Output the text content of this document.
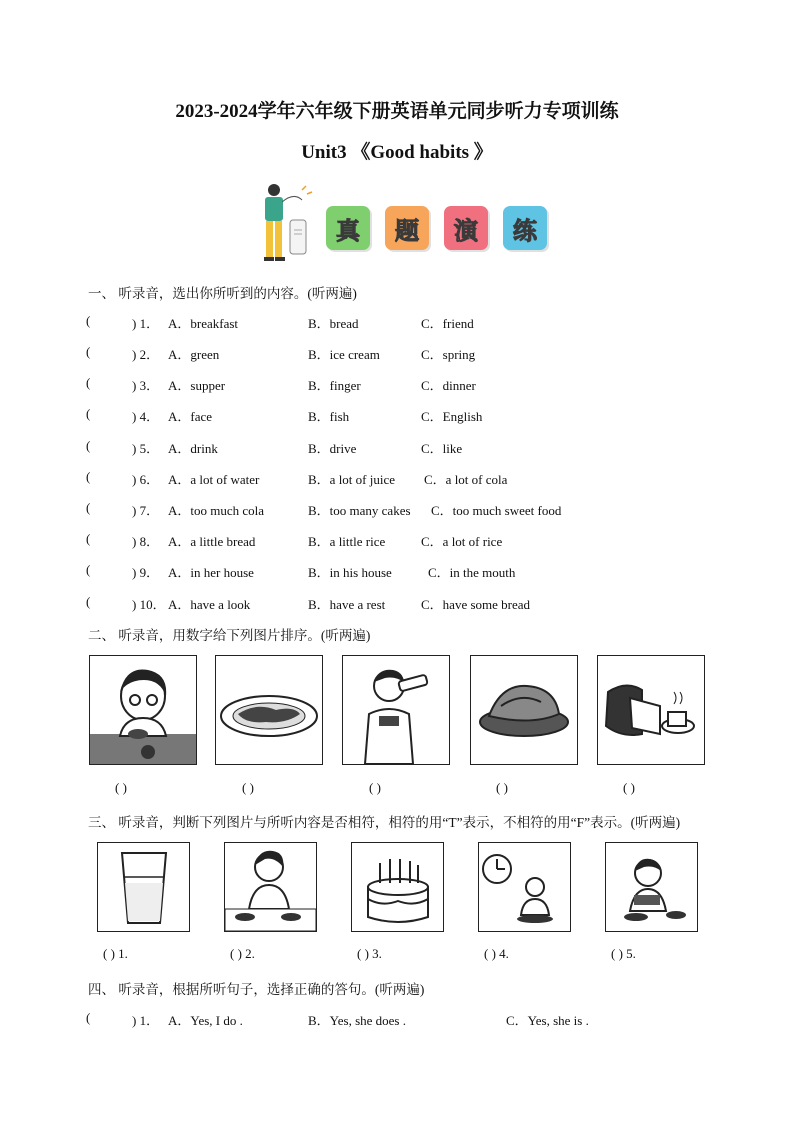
2023-2024学年六年级下册英语单元同步听力专项训练
Unit3 《Good habits 》
真 题 演 练
一、 听录音，选出你所听到的内容。(听两遍)
(	) 1． A．breakfast	B．bread	C．friend
(	) 2． A．green	B．ice cream	C．spring
(	) 3． A．supper	B．finger	C．dinner
(	) 4． A．face	B．fish	C．English
(	) 5． A．drink	B．drive	C．like
(	) 6． A．a lot of water	B．a lot of juice C．a lot of cola
(	) 7． A．too much cola	B．too many cakes C．too much sweet food
(	) 8． A．a little bread	B．a little rice	C．a lot of rice
(	) 9． A．in her house	B．in his house	C．in the mouth
(	) 10． A．have a look	B．have a rest	C．have some bread
二、 听录音，用数字给下列图片排序。(听两遍)
( )	( )	( )	( )	( )
三、 听录音，判断下列图片与所听内容是否相符，相符的用“T”表示，不相符的用“F”表示。(听两遍)
( ) 1.	( ) 2.	( ) 3.	( ) 4.	( ) 5.
四、 听录音，根据所听句子，选择正确的答句。(听两遍)
(	) 1． A．Yes, I do .	B．Yes, she does .	C．Yes, she is .
